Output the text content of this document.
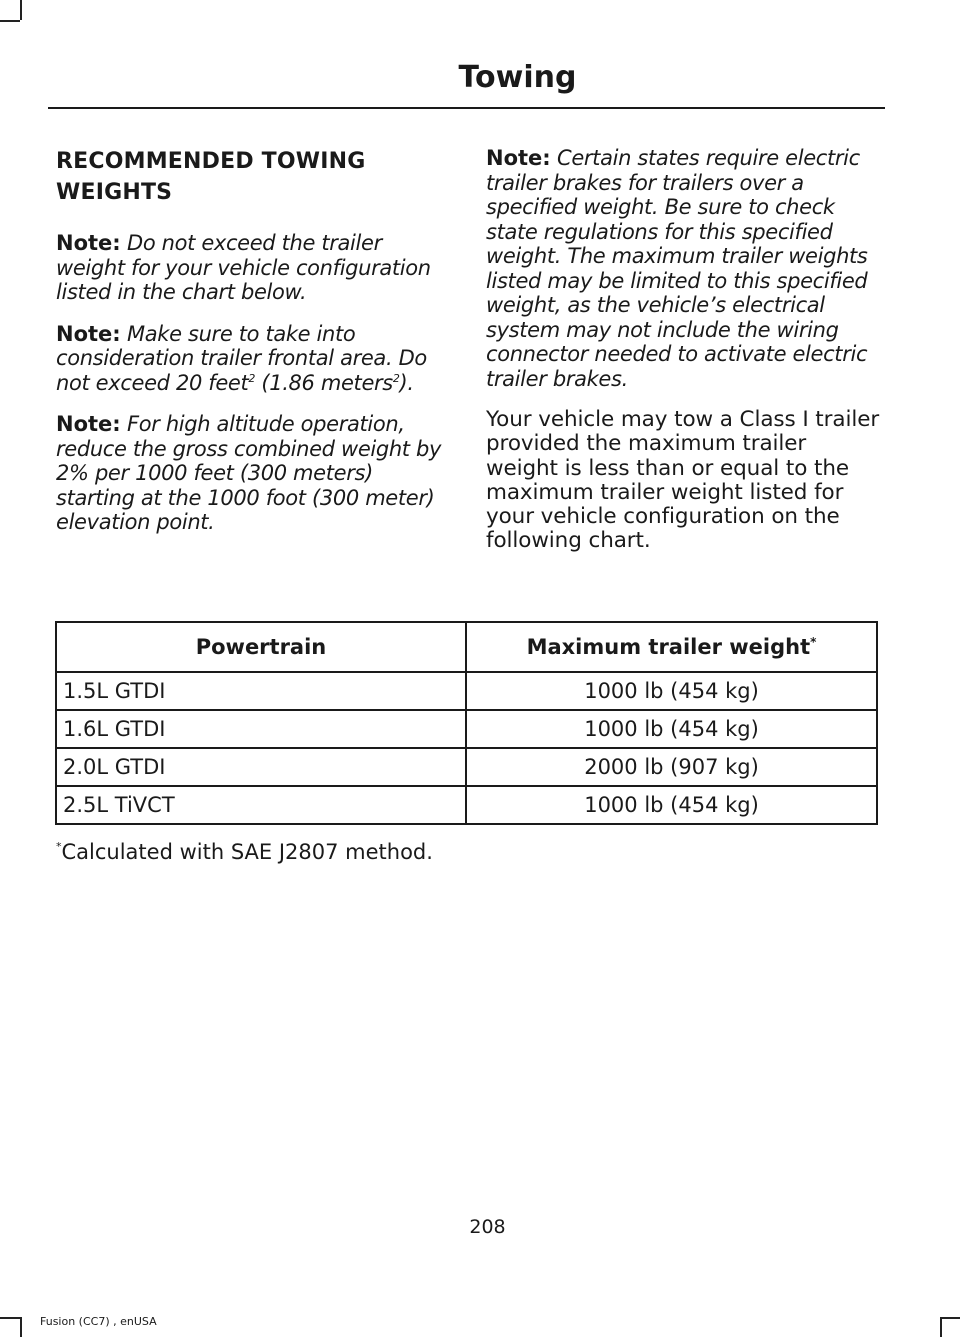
Towing
RECOMMENDED TOWING WEIGHTS

Note: Do not exceed the trailer weight for your vehicle configuration listed in the chart below.

Note: Make sure to take into consideration trailer frontal area. Do not exceed 20 feet$^2$ (1.86 meters$^2$).

Note: For high altitude operation, reduce the gross combined weight by 2% per 1000 feet (300 meters) starting at the 1000 foot (300 meter) elevation point.

Note: Certain states require electric trailer brakes for trailers over a specified weight. Be sure to check state regulations for this specified weight. The maximum trailer weights listed may be limited to this specified weight, as the vehicle’s electrical system may not include the wiring connector needed to activate electric trailer brakes.

Your vehicle may tow a Class I trailer provided the maximum trailer weight is less than or equal to the maximum trailer weight listed for your vehicle configuration on the following chart.

Powertrain	Maximum trailer weight*
1.5L GTDI	1000 lb (454 kg)
1.6L GTDI	1000 lb (454 kg)
2.0L GTDI	2000 lb (907 kg)
2.5L TiVCT	1000 lb (454 kg)
*Calculated with SAE J2807 method.
208
Fusion (CC7) , enUSA
